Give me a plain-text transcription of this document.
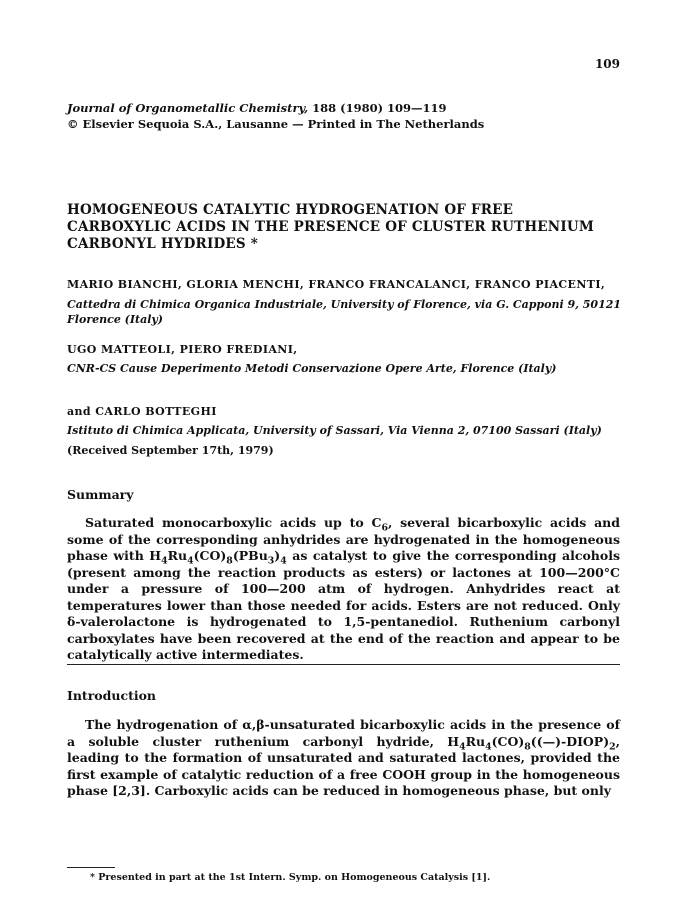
109
Journal of Organometallic Chemistry, 188 (1980) 109—119
© Elsevier Sequoia S.A., Lausanne — Printed in The Netherlands
HOMOGENEOUS CATALYTIC HYDROGENATION OF FREE
CARBOXYLIC ACIDS IN THE PRESENCE OF CLUSTER RUTHENIUM
CARBONYL HYDRIDES *
MARIO BIANCHI, GLORIA MENCHI, FRANCO FRANCALANCI, FRANCO PIACENTI,
Cattedra di Chimica Organica Industriale, University of Florence, via G. Capponi 9, 50121
Florence (Italy)
UGO MATTEOLI, PIERO FREDIANI,
CNR-CS Cause Deperimento Metodi Conservazione Opere Arte, Florence (Italy)
and CARLO BOTTEGHI
Istituto di Chimica Applicata, University of Sassari, Via Vienna 2, 07100 Sassari (Italy)
(Received September 17th, 1979)
Summary

Saturated monocarboxylic acids up to $C_6$, several bicarboxylic acids and some of the corresponding anhydrides are hydrogenated in the homogeneous phase with $H_4Ru_4(CO)_8(PBu_3)_4$ as catalyst to give the corresponding alcohols (present among the reaction products as esters) or lactones at 100—200°C under a pressure of 100—200 atm of hydrogen. Anhydrides react at temperatures lower than those needed for acids. Esters are not reduced. Only δ-valerolactone is hydrogenated to 1,5-pentanediol. Ruthenium carbonyl carboxylates have been recovered at the end of the reaction and appear to be catalytically active intermediates.

Introduction

The hydrogenation of α,β-unsaturated bicarboxylic acids in the presence of a soluble cluster ruthenium carbonyl hydride, $H_4Ru_4(CO)_8((—)-DIOP)_2$, leading to the formation of unsaturated and saturated lactones, provided the first example of catalytic reduction of a free COOH group in the homogeneous phase [2,3]. Carboxylic acids can be reduced in homogeneous phase, but only

* Presented in part at the 1st Intern. Symp. on Homogeneous Catalysis [1].
